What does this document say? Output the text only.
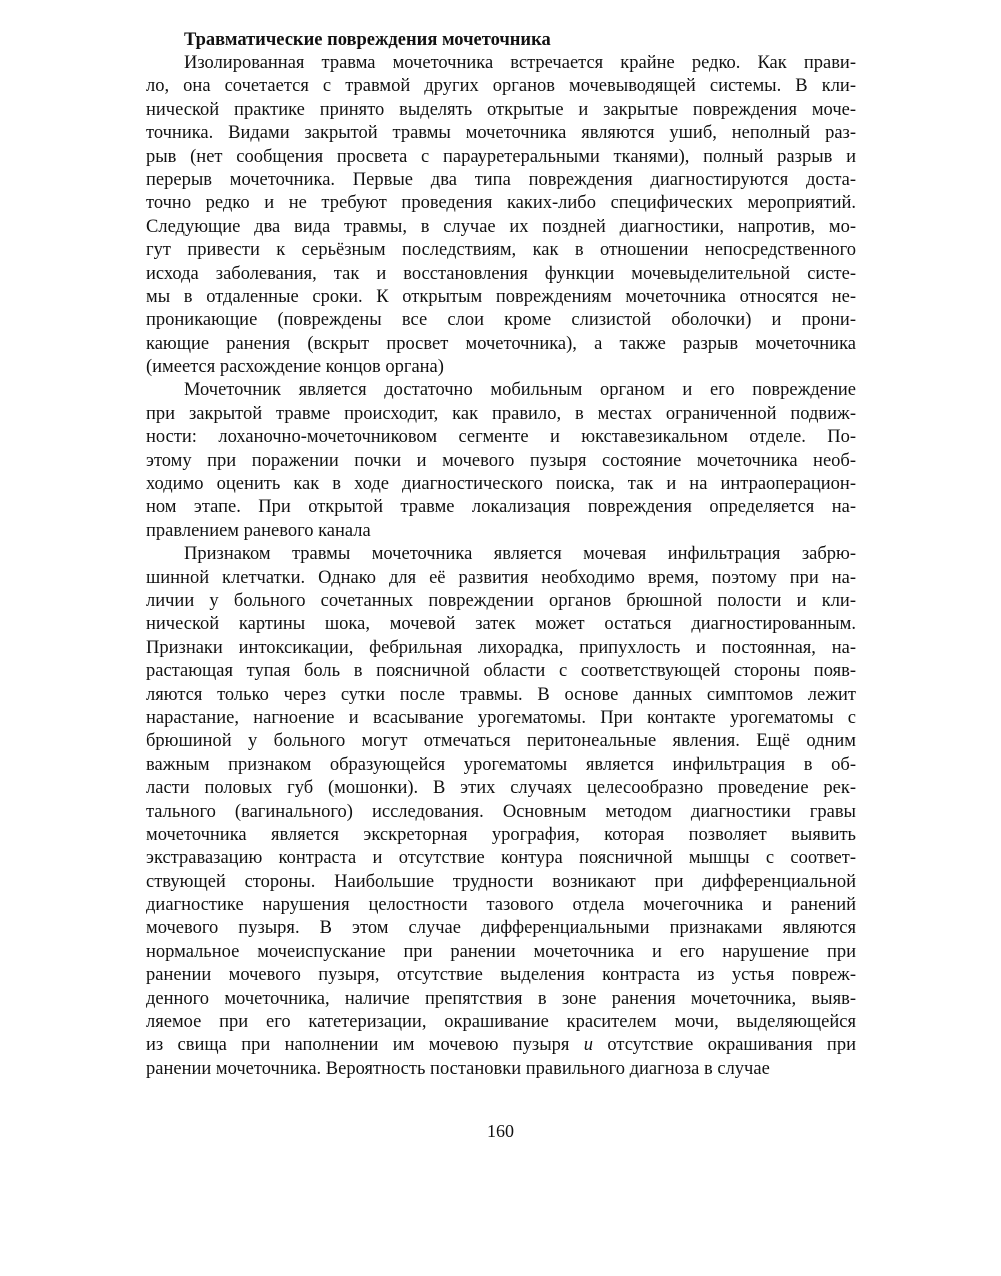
Травматические повреждения мочеточника
Изолированная травма мочеточника встречается крайне редко. Как прави-
ло, она сочетается с травмой других органов мочевыводящей системы. В кли-
нической практике принято выделять открытые и закрытые повреждения моче-
точника. Видами закрытой травмы мочеточника являются ушиб, неполный раз-
рыв (нет сообщения просвета с парауретеральными тканями), полный разрыв и
перерыв мочеточника. Первые два типа повреждения диагностируются доста-
точно редко и не требуют проведения каких-либо специфических мероприятий.
Следующие два вида травмы, в случае их поздней диагностики, напротив, мо-
гут привести к серьёзным последствиям, как в отношении непосредственного
исхода заболевания, так и восстановления функции мочевыделительной систе-
мы в отдаленные сроки. К открытым повреждениям мочеточника относятся не-
проникающие (повреждены все слои кроме слизистой оболочки) и прони-
кающие ранения (вскрыт просвет мочеточника), а также разрыв мочеточника
(имеется расхождение концов органа)
Мочеточник является достаточно мобильным органом и его повреждение
при закрытой травме происходит, как правило, в местах ограниченной подвиж-
ности: лоханочно-мочеточниковом сегменте и юкставезикальном отделе. По-
этому при поражении почки и мочевого пузыря состояние мочеточника необ-
ходимо оценить как в ходе диагностического поиска, так и на интраоперацион-
ном этапе. При открытой травме локализация повреждения определяется на-
правлением раневого канала
Признаком травмы мочеточника является мочевая инфильтрация забрю-
шинной клетчатки. Однако для её развития необходимо время, поэтому при на-
личии у больного сочетанных повреждении органов брюшной полости и кли-
нической картины шока, мочевой затек может остаться диагностированным.
Признаки интоксикации, фебрильная лихорадка, припухлость и постоянная, на-
растающая тупая боль в поясничной области с соответствующей стороны появ-
ляются только через сутки после травмы. В основе данных симптомов лежит
нарастание, нагноение и всасывание урогематомы. При контакте урогематомы с
брюшиной у больного могут отмечаться перитонеальные явления. Ещё одним
важным признаком образующейся урогематомы является инфильтрация в об-
ласти половых губ (мошонки). В этих случаях целесообразно проведение рек-
тального (вагинального) исследования. Основным методом диагностики гравы
мочеточника является экскреторная урография, которая позволяет выявить
экстравазацию контраста и отсутствие контура поясничной мышцы с соответ-
ствующей стороны. Наибольшие трудности возникают при дифференциальной
диагностике нарушения целостности тазового отдела мочегочника и ранений
мочевого пузыря. В этом случае дифференциальными признаками являются
нормальное мочеиспускание при ранении мочеточника и его нарушение при
ранении мочевого пузыря, отсутствие выделения контраста из устья повреж-
денного мочеточника, наличие препятствия в зоне ранения мочеточника, выяв-
ляемое при его катетеризации, окрашивание красителем мочи, выделяющейся
из свища при наполнении им мочевою пузыря и отсутствие окрашивания при
ранении мочеточника. Вероятность постановки правильного диагноза в случае
160
